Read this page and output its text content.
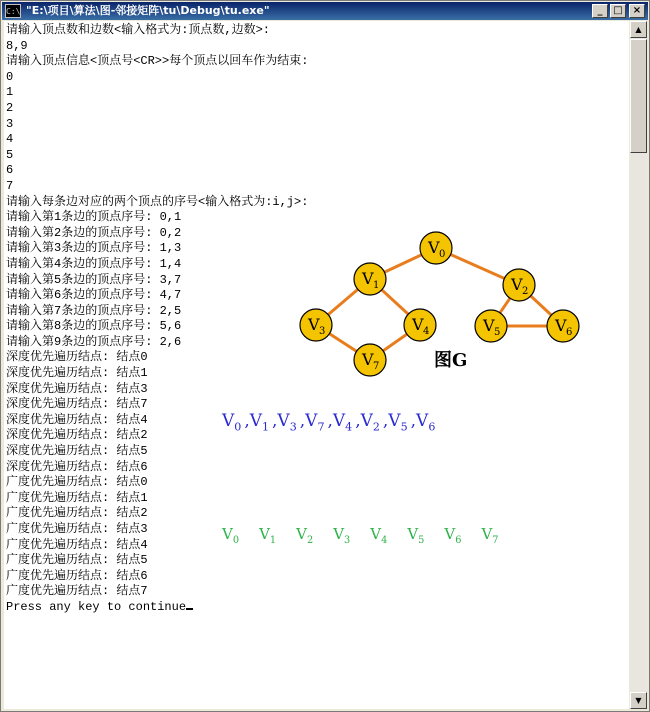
C:\ "E:\项目\算法\图-邻接矩阵\tu\Debug\tu.exe"	_	□	×
请输入顶点数和边数<输入格式为:顶点数,边数>:
8,9
请输入顶点信息<顶点号<CR>>每个顶点以回车作为结束:
0
1
2
3
4
5
6
7
请输入每条边对应的两个顶点的序号<输入格式为:i,j>:
请输入第1条边的顶点序号: 0,1
请输入第2条边的顶点序号: 0,2
请输入第3条边的顶点序号: 1,3
请输入第4条边的顶点序号: 1,4
请输入第5条边的顶点序号: 3,7
请输入第6条边的顶点序号: 4,7
请输入第7条边的顶点序号: 2,5
请输入第8条边的顶点序号: 5,6
请输入第9条边的顶点序号: 2,6
深度优先遍历结点: 结点0
深度优先遍历结点: 结点1
深度优先遍历结点: 结点3
深度优先遍历结点: 结点7
深度优先遍历结点: 结点4
深度优先遍历结点: 结点2
深度优先遍历结点: 结点5
深度优先遍历结点: 结点6
广度优先遍历结点: 结点0
广度优先遍历结点: 结点1
广度优先遍历结点: 结点2
广度优先遍历结点: 结点3
广度优先遍历结点: 结点4
广度优先遍历结点: 结点5
广度优先遍历结点: 结点6
广度优先遍历结点: 结点7
Press any key to continue
V 0
V 1	V 2
V 3	V 4	V 5	V 6
V 7	图G
$V_0$ $,V_1$ $,V_3$ $,V_7$ $,V_4$ $,V_2$ $,V_5$ $,V_6$
$V_0$ $V_1$ $V_2$ $V_3$ $V_4$ $V_5$ $V_6$ $V_7$
▲
▼
